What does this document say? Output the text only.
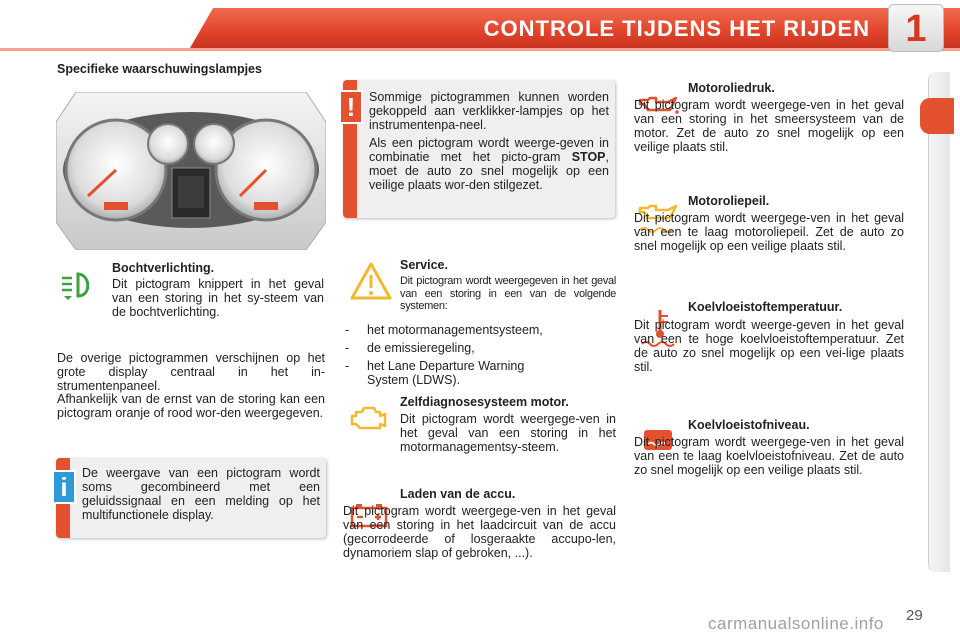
CONTROLE TIJDENS HET RIJDEN 1
Specifieke waarschuwingslampjes
Bochtverlichting.
Dit pictogram knippert in het geval van een storing in het sy-steem van de bochtverlichting.
De overige pictogrammen verschijnen op het grote display centraal in het in-strumentenpaneel.
Afhankelijk van de ernst van de storing kan een pictogram oranje of rood wor-den weergegeven.
i	De weergave van een pictogram wordt soms gecombineerd met een geluidssignaal en een melding op het multifunctionele display.
!	Sommige pictogrammen kunnen worden gekoppeld aan verklikker-lampjes op het instrumentenpa-neel.

Als een pictogram wordt weerge-geven in combinatie met het picto-gram STOP, moet de auto zo snel mogelijk op een veilige plaats wor-den stilgezet.

Service.
Dit pictogram wordt weergegeven in het geval van een storing in een van de volgende systemen:
- het motormanagementsysteem,
- de emissieregeling,
- het Lane Departure Warning System (LDWS).
Zelfdiagnosesysteem motor.
Dit pictogram wordt weergege-ven in het geval van een storing in het motormanagementsy-steem.
Laden van de accu.
Dit pictogram wordt weergege-ven in het geval van een storing in het laadcircuit van de accu (gecorrodeerde of losgeraakte accupo-len, dynamoriem slap of gebroken, ...).
Motoroliedruk.
Dit pictogram wordt weergege-ven in het geval van een storing in het smeersysteem van de motor. Zet de auto zo snel mogelijk op een veilige plaats stil.
Motoroliepeil.
Dit pictogram wordt weergege-ven in het geval van een te laag motoroliepeil. Zet de auto zo snel mogelijk op een veilige plaats stil.
Koelvloeistoftemperatuur.
Dit pictogram wordt weerge-geven in het geval van een te hoge koelvloeistoftemperatuur. Zet de auto zo snel mogelijk op een vei-lige plaats stil.
Koelvloeistofniveau.
Dit pictogram wordt weergege-ven in het geval van een te laag koelvloeistofniveau. Zet de auto zo snel mogelijk op een veilige plaats stil.
29
carmanualsonline.info
